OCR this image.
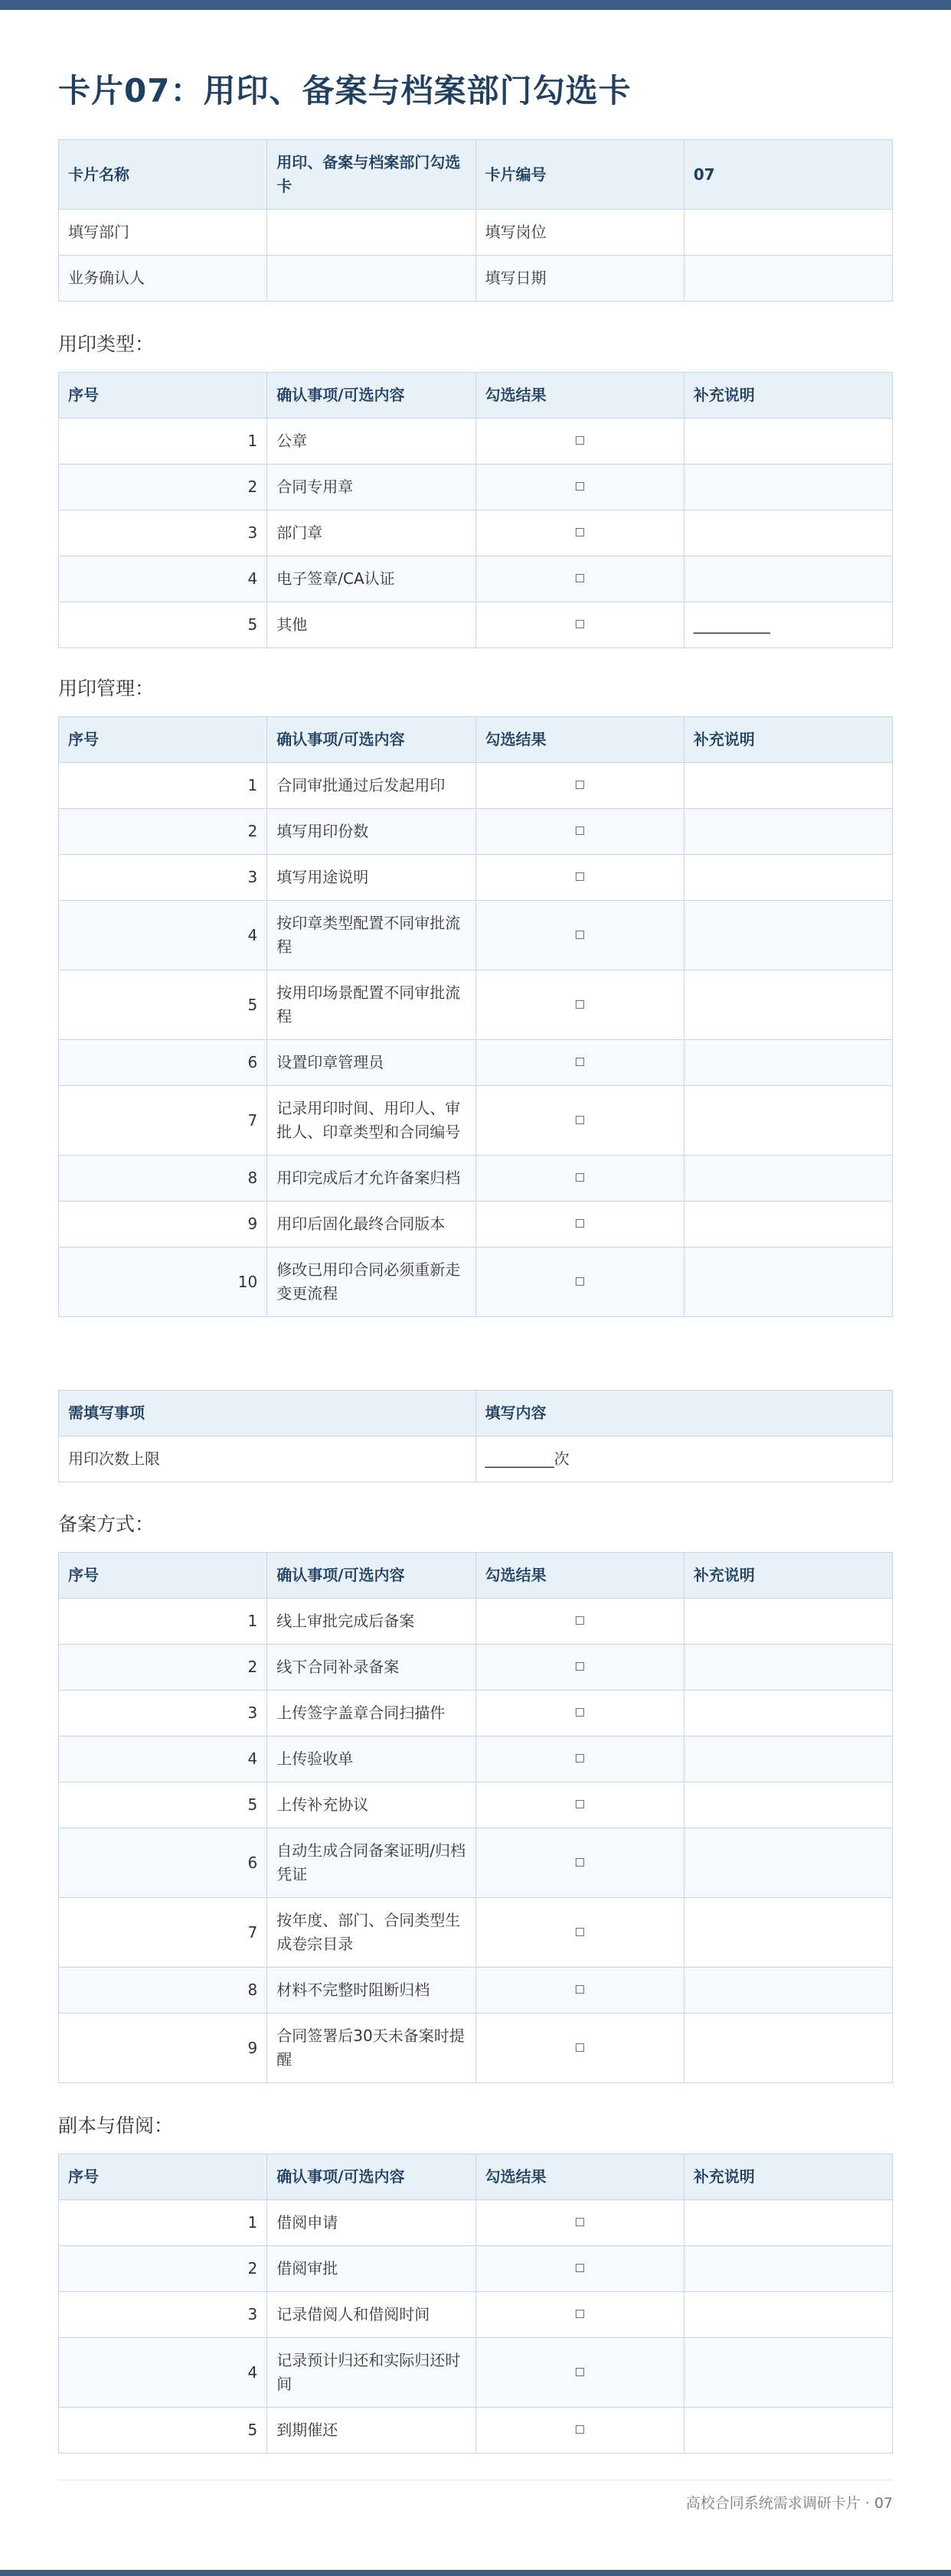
卡片07：用印、备案与档案部门勾选卡
卡片名称	用印、备案与档案部门勾选卡	卡片编号	07
填写部门		填写岗位	
业务确认人		填写日期	
用印类型：
序号	确认事项/可选内容	勾选结果	补充说明
1	公章	☐	
2	合同专用章	☐	
3	部门章	☐	
4	电子签章/CA认证	☐	
5	其他	☐	__________
用印管理：
序号	确认事项/可选内容	勾选结果	补充说明
1	合同审批通过后发起用印	☐	
2	填写用印份数	☐	
3	填写用途说明	☐	
4	按印章类型配置不同审批流程	☐	
5	按用印场景配置不同审批流程	☐	
6	设置印章管理员	☐	
7	记录用印时间、用印人、审批人、印章类型和合同编号	☐	
8	用印完成后才允许备案归档	☐	
9	用印后固化最终合同版本	☐	
10	修改已用印合同必须重新走变更流程	☐	
需填写事项	填写内容
用印次数上限	_________次
备案方式：
序号	确认事项/可选内容	勾选结果	补充说明
1	线上审批完成后备案	☐	
2	线下合同补录备案	☐	
3	上传签字盖章合同扫描件	☐	
4	上传验收单	☐	
5	上传补充协议	☐	
6	自动生成合同备案证明/归档凭证	☐	
7	按年度、部门、合同类型生成卷宗目录	☐	
8	材料不完整时阻断归档	☐	
9	合同签署后30天未备案时提醒	☐	
副本与借阅：
序号	确认事项/可选内容	勾选结果	补充说明
1	借阅申请	☐	
2	借阅审批	☐	
3	记录借阅人和借阅时间	☐	
4	记录预计归还和实际归还时间	☐	
5	到期催还	☐	
高校合同系统需求调研卡片 · 07
